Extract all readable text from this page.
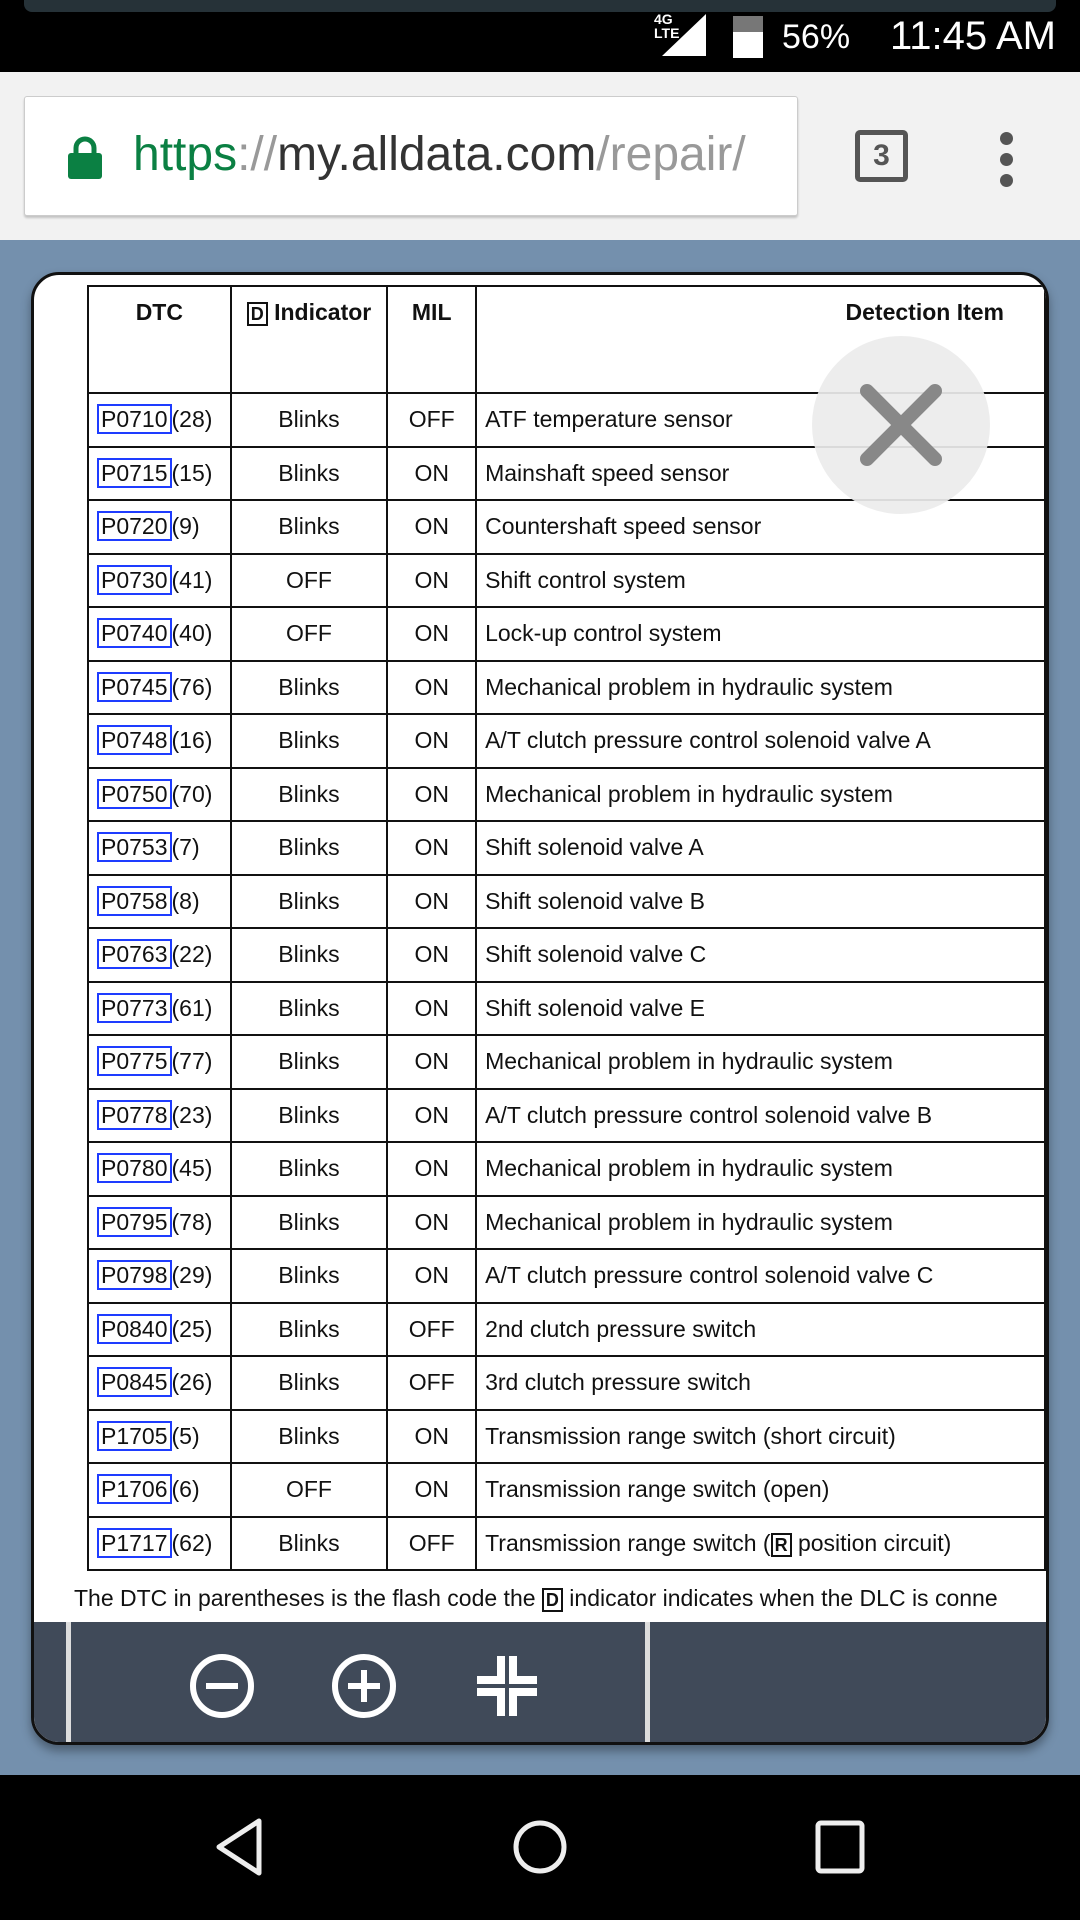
4G LTE	56% 11:45 AM
https://my.alldata.com/repair/	3
DTC	D Indicator	MIL	Detection Item
P0710 (28)	Blinks	OFF	ATF temperature sensor
P0715 (15)	Blinks	ON	Mainshaft speed sensor
P0720 (9)	Blinks	ON	Countershaft speed sensor
P0730 (41)	OFF	ON	Shift control system
P0740 (40)	OFF	ON	Lock-up control system
P0745 (76)	Blinks	ON	Mechanical problem in hydraulic system
P0748 (16)	Blinks	ON	A/T clutch pressure control solenoid valve A
P0750 (70)	Blinks	ON	Mechanical problem in hydraulic system
P0753 (7)	Blinks	ON	Shift solenoid valve A
P0758 (8)	Blinks	ON	Shift solenoid valve B
P0763 (22)	Blinks	ON	Shift solenoid valve C
P0773 (61)	Blinks	ON	Shift solenoid valve E
P0775 (77)	Blinks	ON	Mechanical problem in hydraulic system
P0778 (23)	Blinks	ON	A/T clutch pressure control solenoid valve B
P0780 (45)	Blinks	ON	Mechanical problem in hydraulic system
P0795 (78)	Blinks	ON	Mechanical problem in hydraulic system
P0798 (29)	Blinks	ON	A/T clutch pressure control solenoid valve C
P0840 (25)	Blinks	OFF	2nd clutch pressure switch
P0845 (26)	Blinks	OFF	3rd clutch pressure switch
P1705 (5)	Blinks	ON	Transmission range switch (short circuit)
P1706 (6)	OFF	ON	Transmission range switch (open)
P1717 (62)	Blinks	OFF	Transmission range switch ( R position circuit)
The DTC in parentheses is the flash code the D indicator indicates when the DLC is conne
